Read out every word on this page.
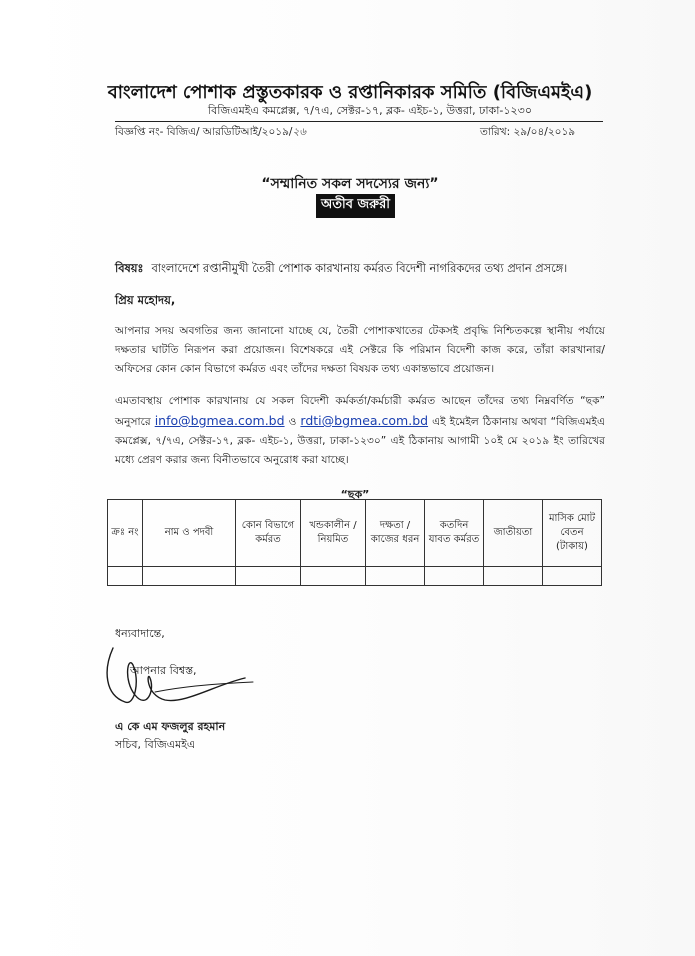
বাংলাদেশ পোশাক প্রস্তুতকারক ও রপ্তানিকারক সমিতি (বিজিএমইএ)
বিজিএমইএ কমপ্লেক্স, ৭/৭এ, সেক্টর-১৭, ব্লক- এইচ-১, উত্তরা, ঢাকা-১২৩০
বিজ্ঞপ্তি নং- বিজিএ/ আরডিটিআই/২০১৯/২৬	তারিখ: ২৯/০৪/২০১৯
“সম্মানিত সকল সদস্যের জন্য”
অতীব জরুরী
বিষয়ঃ বাংলাদেশে রপ্তানীমুখী তৈরী পোশাক কারখানায় কর্মরত বিদেশী নাগরিকদের তথ্য প্রদান প্রসঙ্গে।
প্রিয় মহোদয়,
আপনার সদয় অবগতির জন্য জানানো যাচ্ছে যে, তৈরী পোশাকখাতের টেকসই প্রবৃদ্ধি নিশ্চিতকল্পে স্থানীয় পর্যায়ে দক্ষতার ঘাটতি নিরূপন করা প্রয়োজন। বিশেষকরে এই সেক্টরে কি পরিমান বিদেশী কাজ করে, তাঁরা কারখানার/ অফিসের কোন কোন বিভাগে কর্মরত এবং তাঁদের দক্ষতা বিষয়ক তথ্য একান্তভাবে প্রয়োজন।
এমতাবস্থায় পোশাক কারখানায় যে সকল বিদেশী কর্মকর্তা/কর্মচারী কর্মরত আছেন তাঁদের তথ্য নিম্নবর্ণিত “ছক” অনুসারে info@bgmea.com.bd ও rdti@bgmea.com.bd এই ইমেইল ঠিকানায় অথবা “বিজিএমইএ কমপ্লেক্স, ৭/৭এ, সেক্টর-১৭, ব্লক- এইচ-১, উত্তরা, ঢাকা-১২৩০” এই ঠিকানায় আগামী ১০ই মে ২০১৯ ইং তারিখের মধ্যে প্রেরণ করার জন্য বিনীতভাবে অনুরোধ করা যাচ্ছে।
“ছক”
ক্রঃ নং	নাম ও পদবী	কোন বিভাগে কর্মরত	খন্ডকালীন / নিয়মিত	দক্ষতা / কাজের ধরন	কতদিন যাবত কর্মরত	জাতীয়তা	মাসিক মোট বেতন (টাকায়)

ধন্যবাদান্তে,
আপনার বিশ্বস্ত,
এ কে এম ফজলুর রহমান
সচিব, বিজিএমইএ
